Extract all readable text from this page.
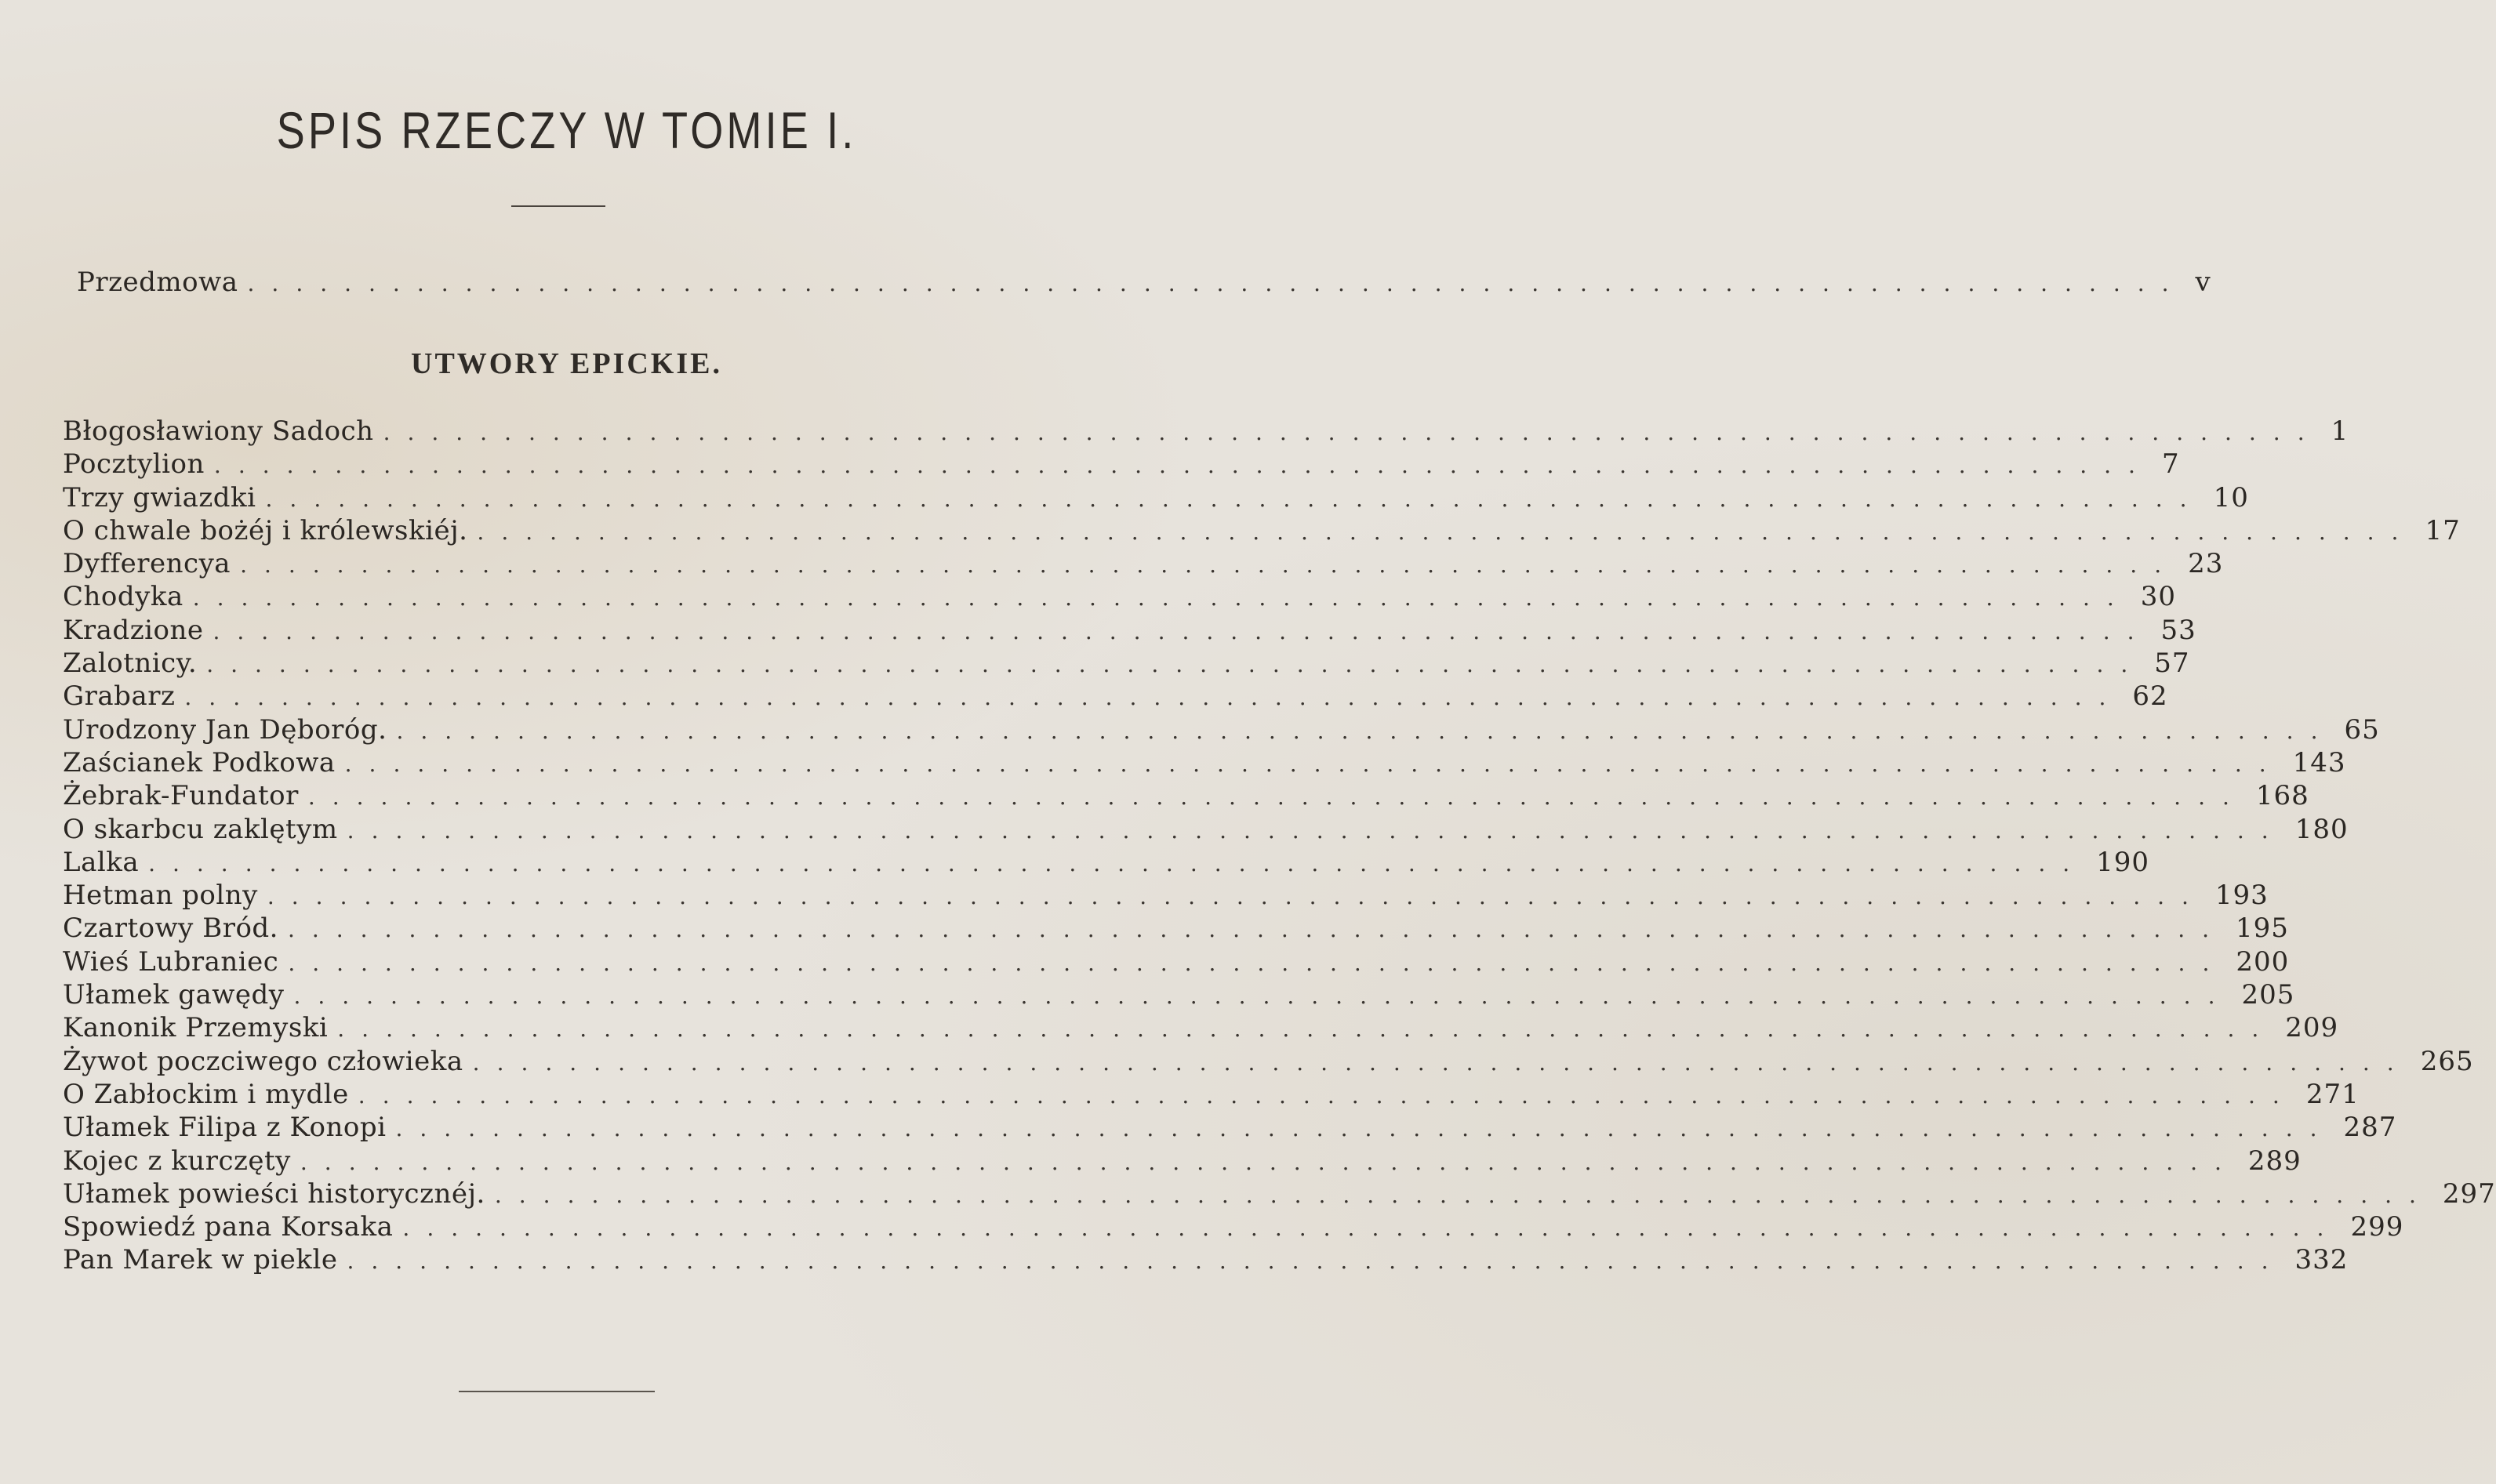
SPIS RZECZY W TOMIE I.
Przedmowa ................................................................................ v
UTWORY EPICKIE.
Błogosławiony Sadoch ................................................................................ 1
Pocztylion ................................................................................ 7
Trzy gwiazdki ................................................................................ 10
O chwale bożéj i królewskiéj. ................................................................................ 17
Dyfferencya ................................................................................ 23
Chodyka ................................................................................ 30
Kradzione ................................................................................ 53
Zalotnicy. ................................................................................ 57
Grabarz ................................................................................ 62
Urodzony Jan Dęboróg. ................................................................................ 65
Zaścianek Podkowa ................................................................................ 143
Żebrak-Fundator ................................................................................ 168
O skarbcu zaklętym ................................................................................ 180
Lalka ................................................................................ 190
Hetman polny ................................................................................ 193
Czartowy Bród. ................................................................................ 195
Wieś Lubraniec ................................................................................ 200
Ułamek gawędy ................................................................................ 205
Kanonik Przemyski ................................................................................ 209
Żywot poczciwego człowieka ................................................................................ 265
O Zabłockim i mydle ................................................................................ 271
Ułamek Filipa z Konopi ................................................................................ 287
Kojec z kurczęty ................................................................................ 289
Ułamek powieści historycznéj. ................................................................................ 297
Spowiedź pana Korsaka ................................................................................ 299
Pan Marek w piekle ................................................................................ 332
